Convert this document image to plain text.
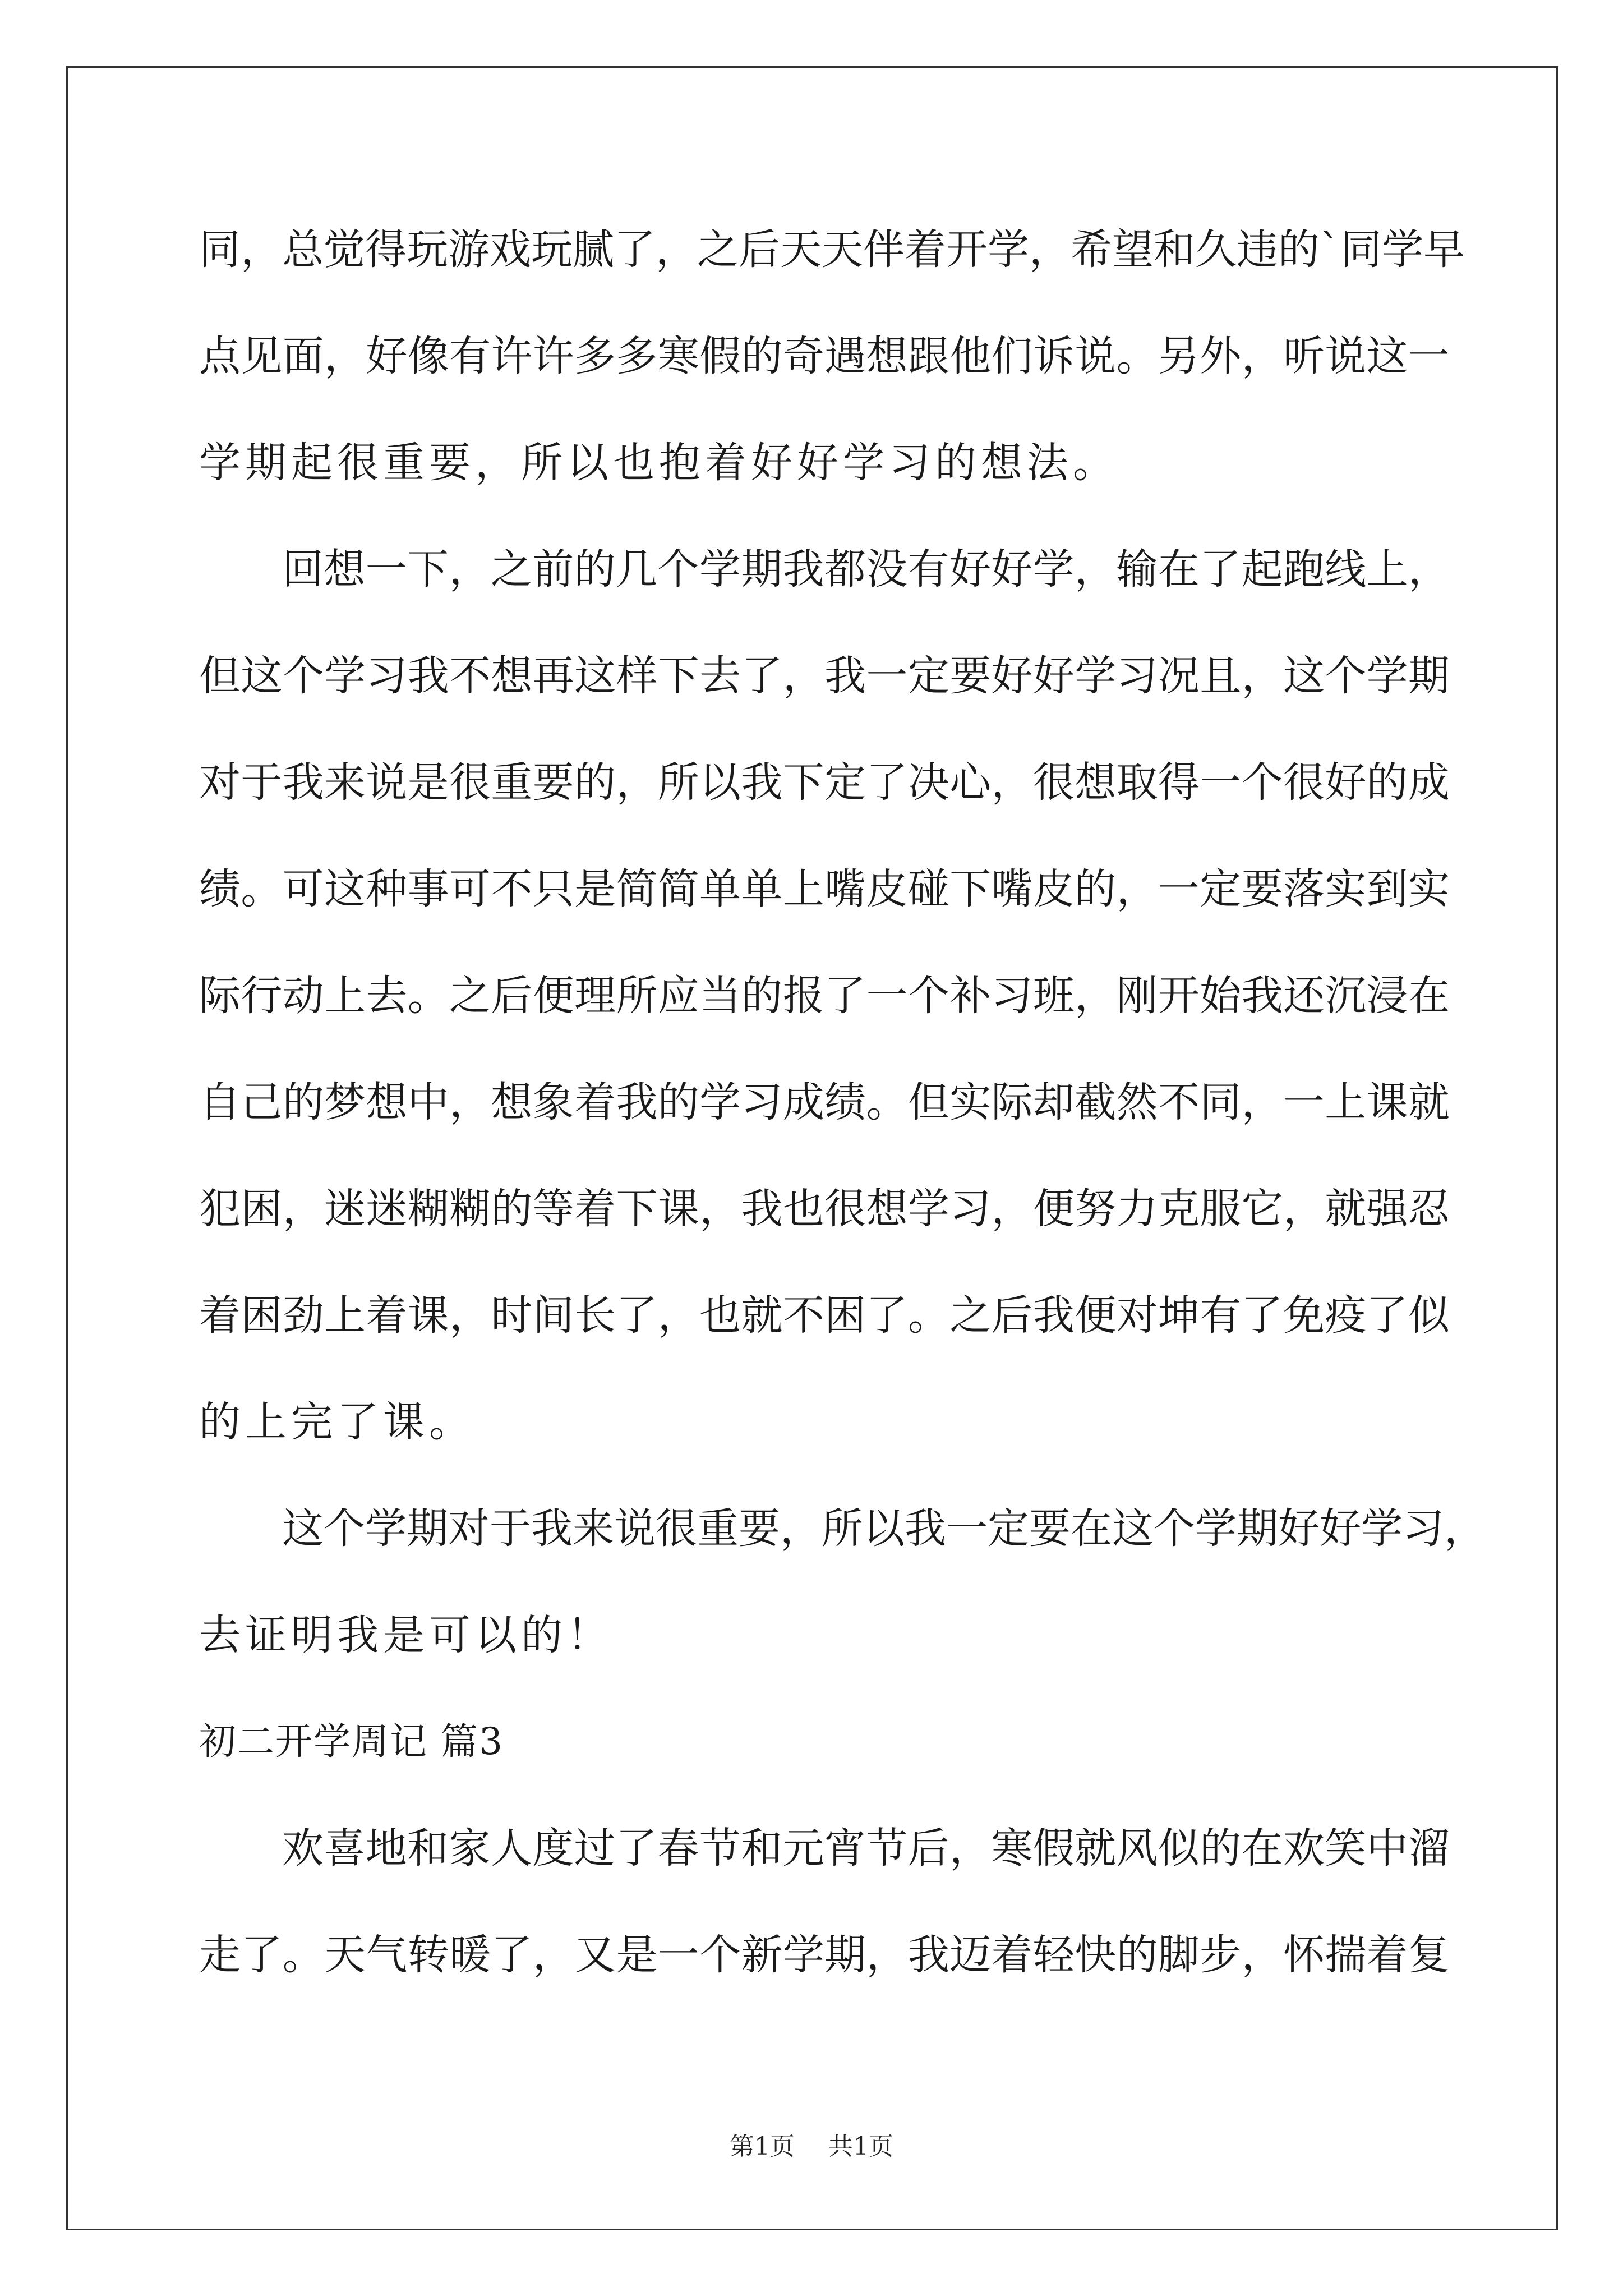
同，总觉得玩游戏玩腻了，之后天天伴着开学，希望和久违的`同学早
点见面，好像有许许多多寒假的奇遇想跟他们诉说。另外，听说这一
学期起很重要，所以也抱着好好学习的想法。
回想一下，之前的几个学期我都没有好好学，输在了起跑线上，
但这个学习我不想再这样下去了，我一定要好好学习况且，这个学期
对于我来说是很重要的，所以我下定了决心，很想取得一个很好的成
绩。可这种事可不只是简简单单上嘴皮碰下嘴皮的，一定要落实到实
际行动上去。之后便理所应当的报了一个补习班，刚开始我还沉浸在
自己的梦想中，想象着我的学习成绩。但实际却截然不同，一上课就
犯困，迷迷糊糊的等着下课，我也很想学习，便努力克服它，就强忍
着困劲上着课，时间长了，也就不困了。之后我便对坤有了免疫了似
的上完了课。
这个学期对于我来说很重要，所以我一定要在这个学期好好学习，
去证明我是可以的！
初二开学周记 篇3
欢喜地和家人度过了春节和元宵节后，寒假就风似的在欢笑中溜
走了。天气转暖了，又是一个新学期，我迈着轻快的脚步，怀揣着复
第1页 共1页
